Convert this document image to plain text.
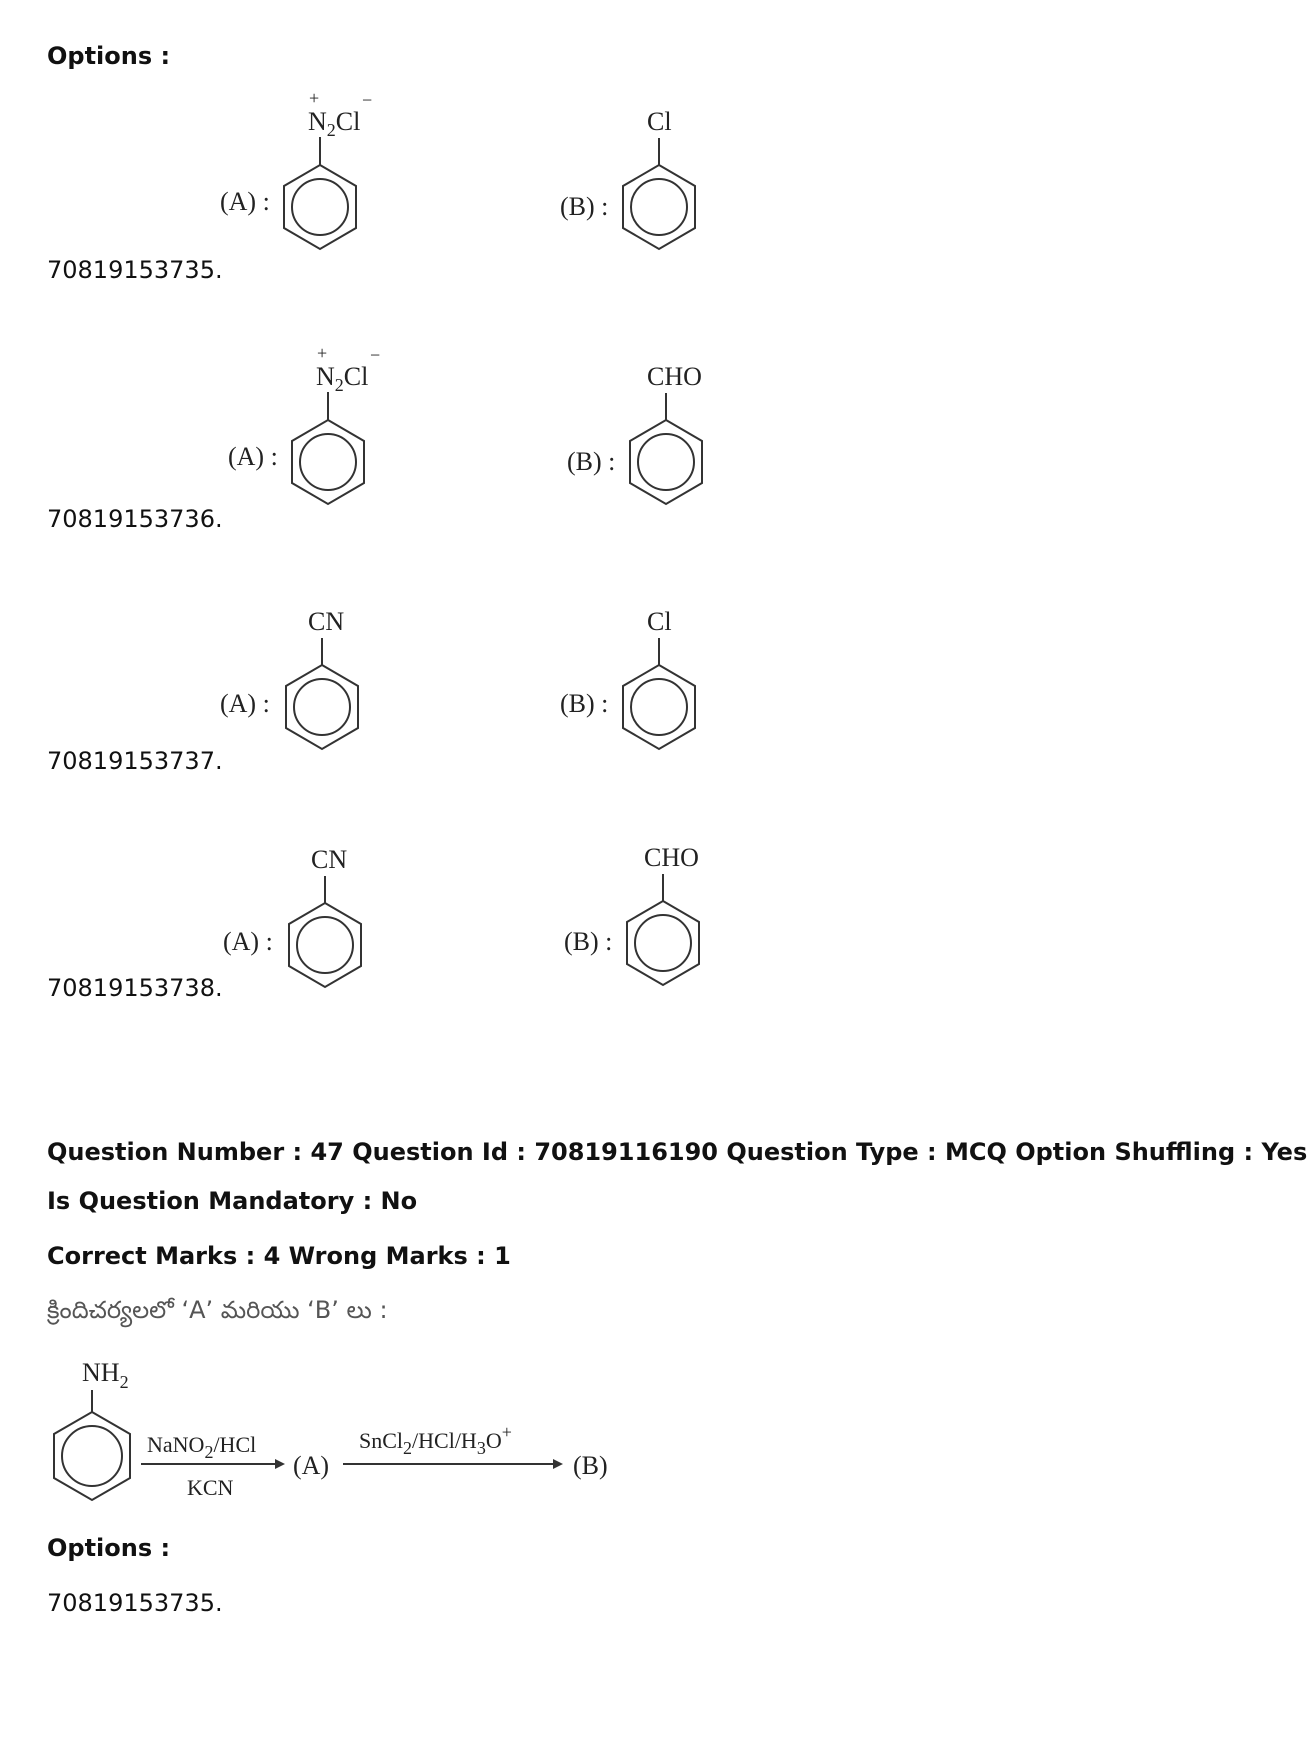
Options :
70819153735.
(A) :
+ −
$N_2Cl$
(B) :
Cl
70819153736.
(A) :
+ −
$N_2Cl$
(B) :
CHO
70819153737.
(A) :
CN
(B) :
Cl
70819153738.
(A) :
CN
(B) :
CHO
Question Number : 47 Question Id : 70819116190 Question Type : MCQ Option Shuffling : Yes
Is Question Mandatory : No
Correct Marks : 4 Wrong Marks : 1
క్రిందిచర్యలలో ‘A’ మరియు ‘B’ లు :
$NH_2$
NaNO$_2$/HCl
KCN
(A)
$SnCl_2/HCl/H_3O^+$
(B)
Options :
70819153735.
